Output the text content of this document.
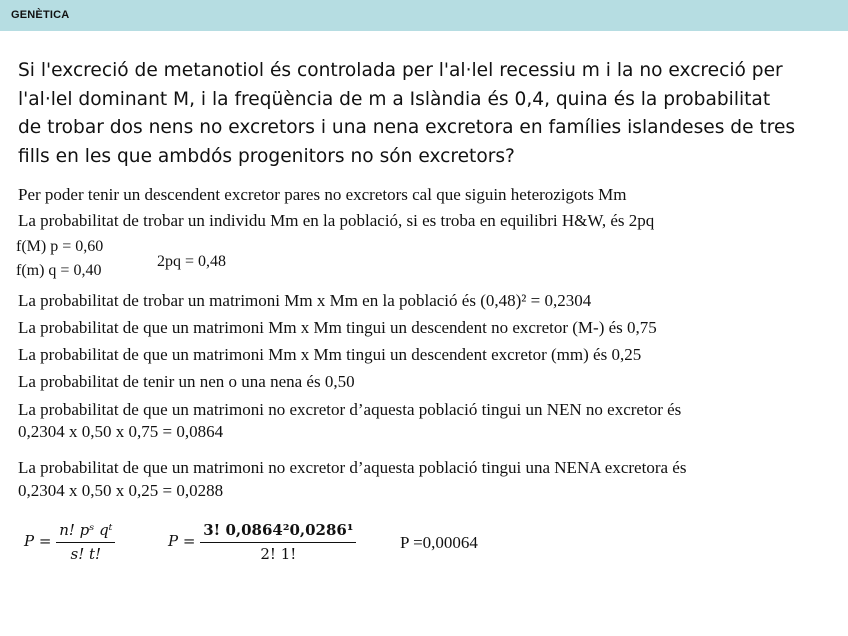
GENÈTICA
Si l'excreció de metanotiol és controlada per l'al·lel recessiu m i la no excreció per
l'al·lel dominant M, i la freqüència de m a Islàndia és 0,4, quina és la probabilitat
de trobar dos nens no excretors i una nena excretora en famílies islandeses de tres
fills en les que ambdós progenitors no són excretors?
Per poder tenir un descendent excretor pares no excretors cal que siguin heterozigots Mm
La probabilitat de trobar un individu Mm en la població, si es troba en equilibri H&W, és 2pq
f(M) p = 0,60
f(m) q = 0,40
2pq = 0,48
La probabilitat de trobar un matrimoni Mm x Mm en la població és (0,48)² = 0,2304
La probabilitat de que un matrimoni Mm x Mm tingui un descendent no excretor (M-) és 0,75
La probabilitat de que un matrimoni Mm x Mm tingui un descendent excretor (mm) és 0,25
La probabilitat de tenir un nen o una nena és 0,50
La probabilitat de que un matrimoni no excretor d’aquesta població tingui un NEN no excretor és
0,2304 x 0,50 x 0,75 = 0,0864
La probabilitat de que un matrimoni no excretor d’aquesta població tingui una NENA excretora és
0,2304 x 0,50 x 0,25 = 0,0288
$P = \frac{\text{n! pˢ qᵗ}}{s! t!}$	$P = \frac{\text{3! 0,0864²0,0286¹}}{2! 1!}$	P =0,00064
